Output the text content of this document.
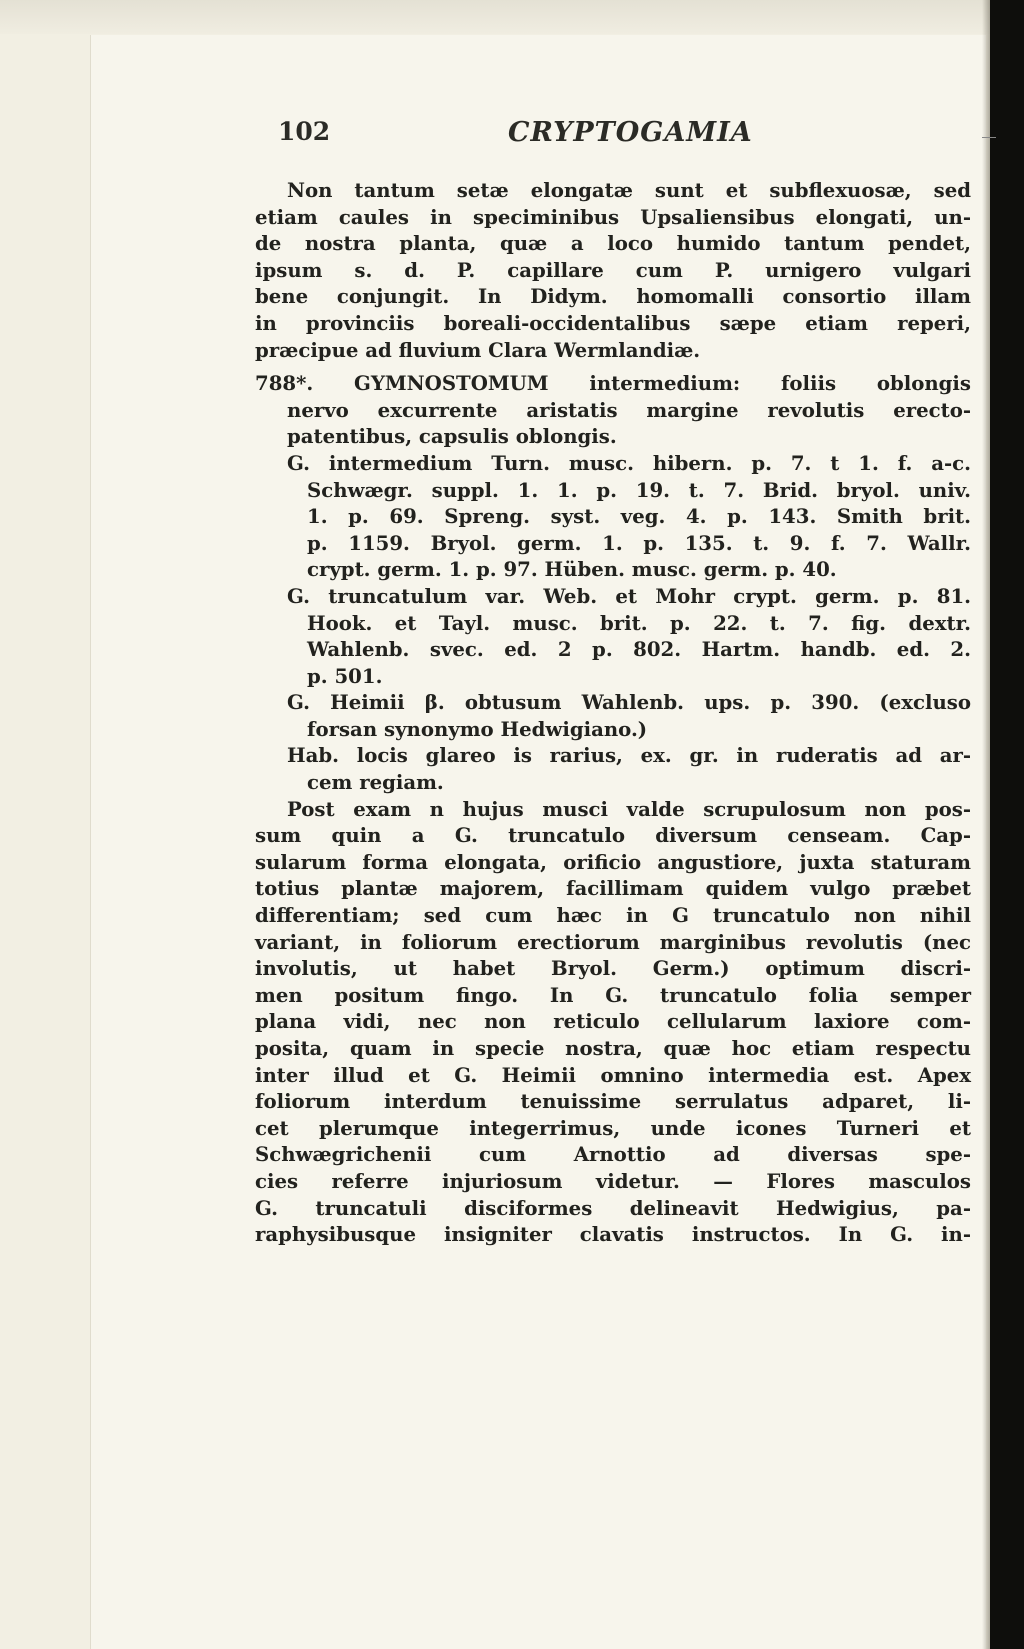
102	CRYPTOGAMIA
Non tantum setæ elongatæ sunt et subflexuosæ, sed
etiam caules in speciminibus Upsaliensibus elongati, un-
de nostra planta, quæ a loco humido tantum pendet,
ipsum s. d. P. capillare cum P. urnigero vulgari
bene conjungit. In Didym. homomalli consortio illam
in provinciis boreali-occidentalibus sæpe etiam reperi,
præcipue ad fluvium Clara Wermlandiæ.
788*. GYMNOSTOMUM intermedium: foliis oblongis
nervo excurrente aristatis margine revolutis erecto-
patentibus, capsulis oblongis.
G. intermedium Turn. musc. hibern. p. 7. t 1. f. a-c.
Schwægr. suppl. 1. 1. p. 19. t. 7. Brid. bryol. univ.
1. p. 69. Spreng. syst. veg. 4. p. 143. Smith brit.
p. 1159. Bryol. germ. 1. p. 135. t. 9. f. 7. Wallr.
crypt. germ. 1. p. 97. Hüben. musc. germ. p. 40.
G. truncatulum var. Web. et Mohr crypt. germ. p. 81.
Hook. et Tayl. musc. brit. p. 22. t. 7. fig. dextr.
Wahlenb. svec. ed. 2 p. 802. Hartm. handb. ed. 2.
p. 501.
G. Heimii β. obtusum Wahlenb. ups. p. 390. (excluso
forsan synonymo Hedwigiano.)
Hab. locis glareo is rarius, ex. gr. in ruderatis ad ar-
cem regiam.
Post exam n hujus musci valde scrupulosum non pos-
sum quin a G. truncatulo diversum censeam. Cap-
sularum forma elongata, orificio angustiore, juxta staturam
totius plantæ majorem, facillimam quidem vulgo præbet
differentiam; sed cum hæc in G truncatulo non nihil
variant, in foliorum erectiorum marginibus revolutis (nec
involutis, ut habet Bryol. Germ.) optimum discri-
men positum fingo. In G. truncatulo folia semper
plana vidi, nec non reticulo cellularum laxiore com-
posita, quam in specie nostra, quæ hoc etiam respectu
inter illud et G. Heimii omnino intermedia est. Apex
foliorum interdum tenuissime serrulatus adparet, li-
cet plerumque integerrimus, unde icones Turneri et
Schwægrichenii cum Arnottio ad diversas spe-
cies referre injuriosum videtur. — Flores masculos
G. truncatuli disciformes delineavit Hedwigius, pa-
raphysibusque insigniter clavatis instructos. In G. in-
